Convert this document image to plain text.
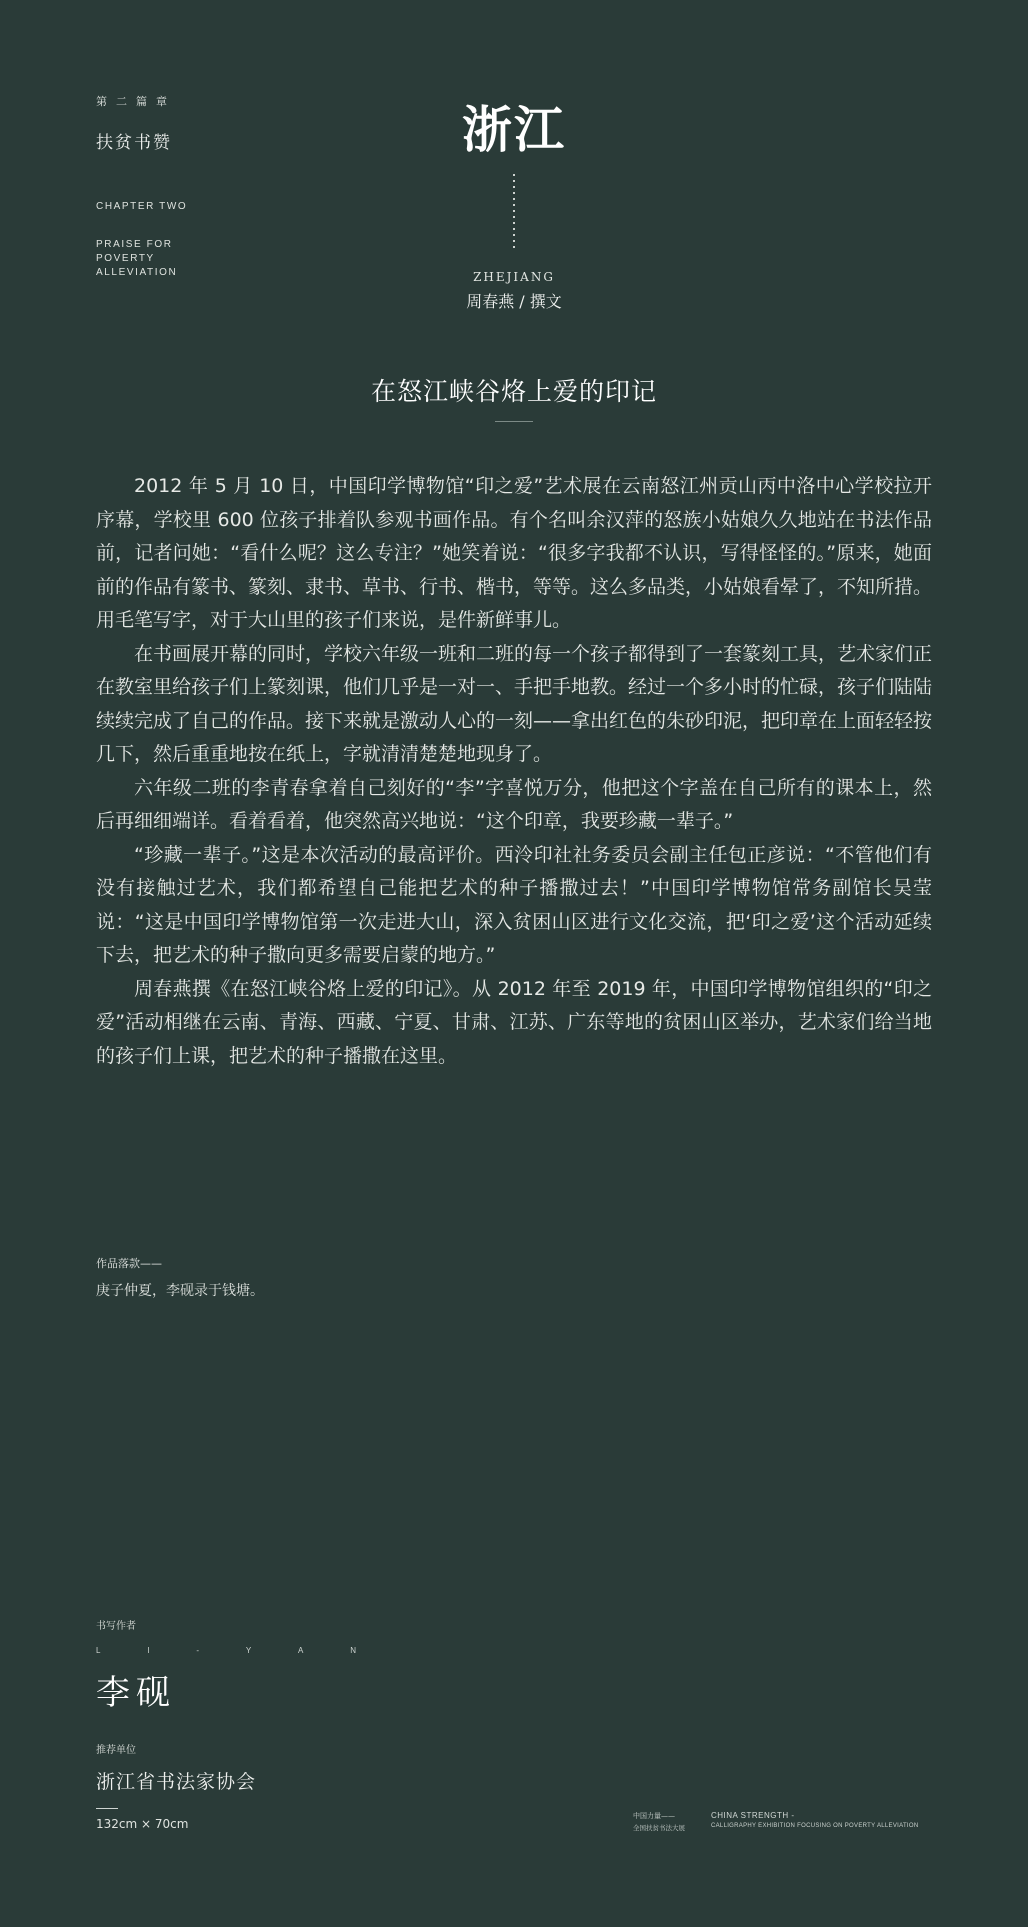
第二篇章
扶贫书赞
CHAPTER TWO
PRAISE FOR POVERTY ALLEVIATION
浙江
ZHEJIANG
周春燕 / 撰文
在怒江峡谷烙上爱的印记

2012 年 5 月 10 日，中国印学博物馆“印之爱”艺术展在云南怒江州贡山丙中洛中心学校拉开序幕，学校里 600 位孩子排着队参观书画作品。有个名叫余汉萍的怒族小姑娘久久地站在书法作品前，记者问她：“看什么呢？这么专注？”她笑着说：“很多字我都不认识，写得怪怪的。”原来，她面前的作品有篆书、篆刻、隶书、草书、行书、楷书，等等。这么多品类，小姑娘看晕了，不知所措。用毛笔写字，对于大山里的孩子们来说，是件新鲜事儿。

在书画展开幕的同时，学校六年级一班和二班的每一个孩子都得到了一套篆刻工具，艺术家们正在教室里给孩子们上篆刻课，他们几乎是一对一、手把手地教。经过一个多小时的忙碌，孩子们陆陆续续完成了自己的作品。接下来就是激动人心的一刻——拿出红色的朱砂印泥，把印章在上面轻轻按几下，然后重重地按在纸上，字就清清楚楚地现身了。

六年级二班的李青春拿着自己刻好的“李”字喜悦万分，他把这个字盖在自己所有的课本上，然后再细细端详。看着看着，他突然高兴地说：“这个印章，我要珍藏一辈子。”

“珍藏一辈子。”这是本次活动的最高评价。西泠印社社务委员会副主任包正彦说：“不管他们有没有接触过艺术，我们都希望自己能把艺术的种子播撒过去！”中国印学博物馆常务副馆长吴莹说：“这是中国印学博物馆第一次走进大山，深入贫困山区进行文化交流，把‘印之爱’这个活动延续下去，把艺术的种子撒向更多需要启蒙的地方。”

周春燕撰《在怒江峡谷烙上爱的印记》。从 2012 年至 2019 年，中国印学博物馆组织的“印之爱”活动相继在云南、青海、西藏、宁夏、甘肃、江苏、广东等地的贫困山区举办，艺术家们给当地的孩子们上课，把艺术的种子播撒在这里。

作品落款——
庚子仲夏，李砚录于钱塘。
书写作者
L	I	-	Y	A	N
李砚
推荐单位
浙江省书法家协会
132cm × 70cm
中国力量——
全国扶贫书法大展
CHINA STRENGTH -
CALLIGRAPHY EXHIBITION FOCUSING ON POVERTY ALLEVIATION
